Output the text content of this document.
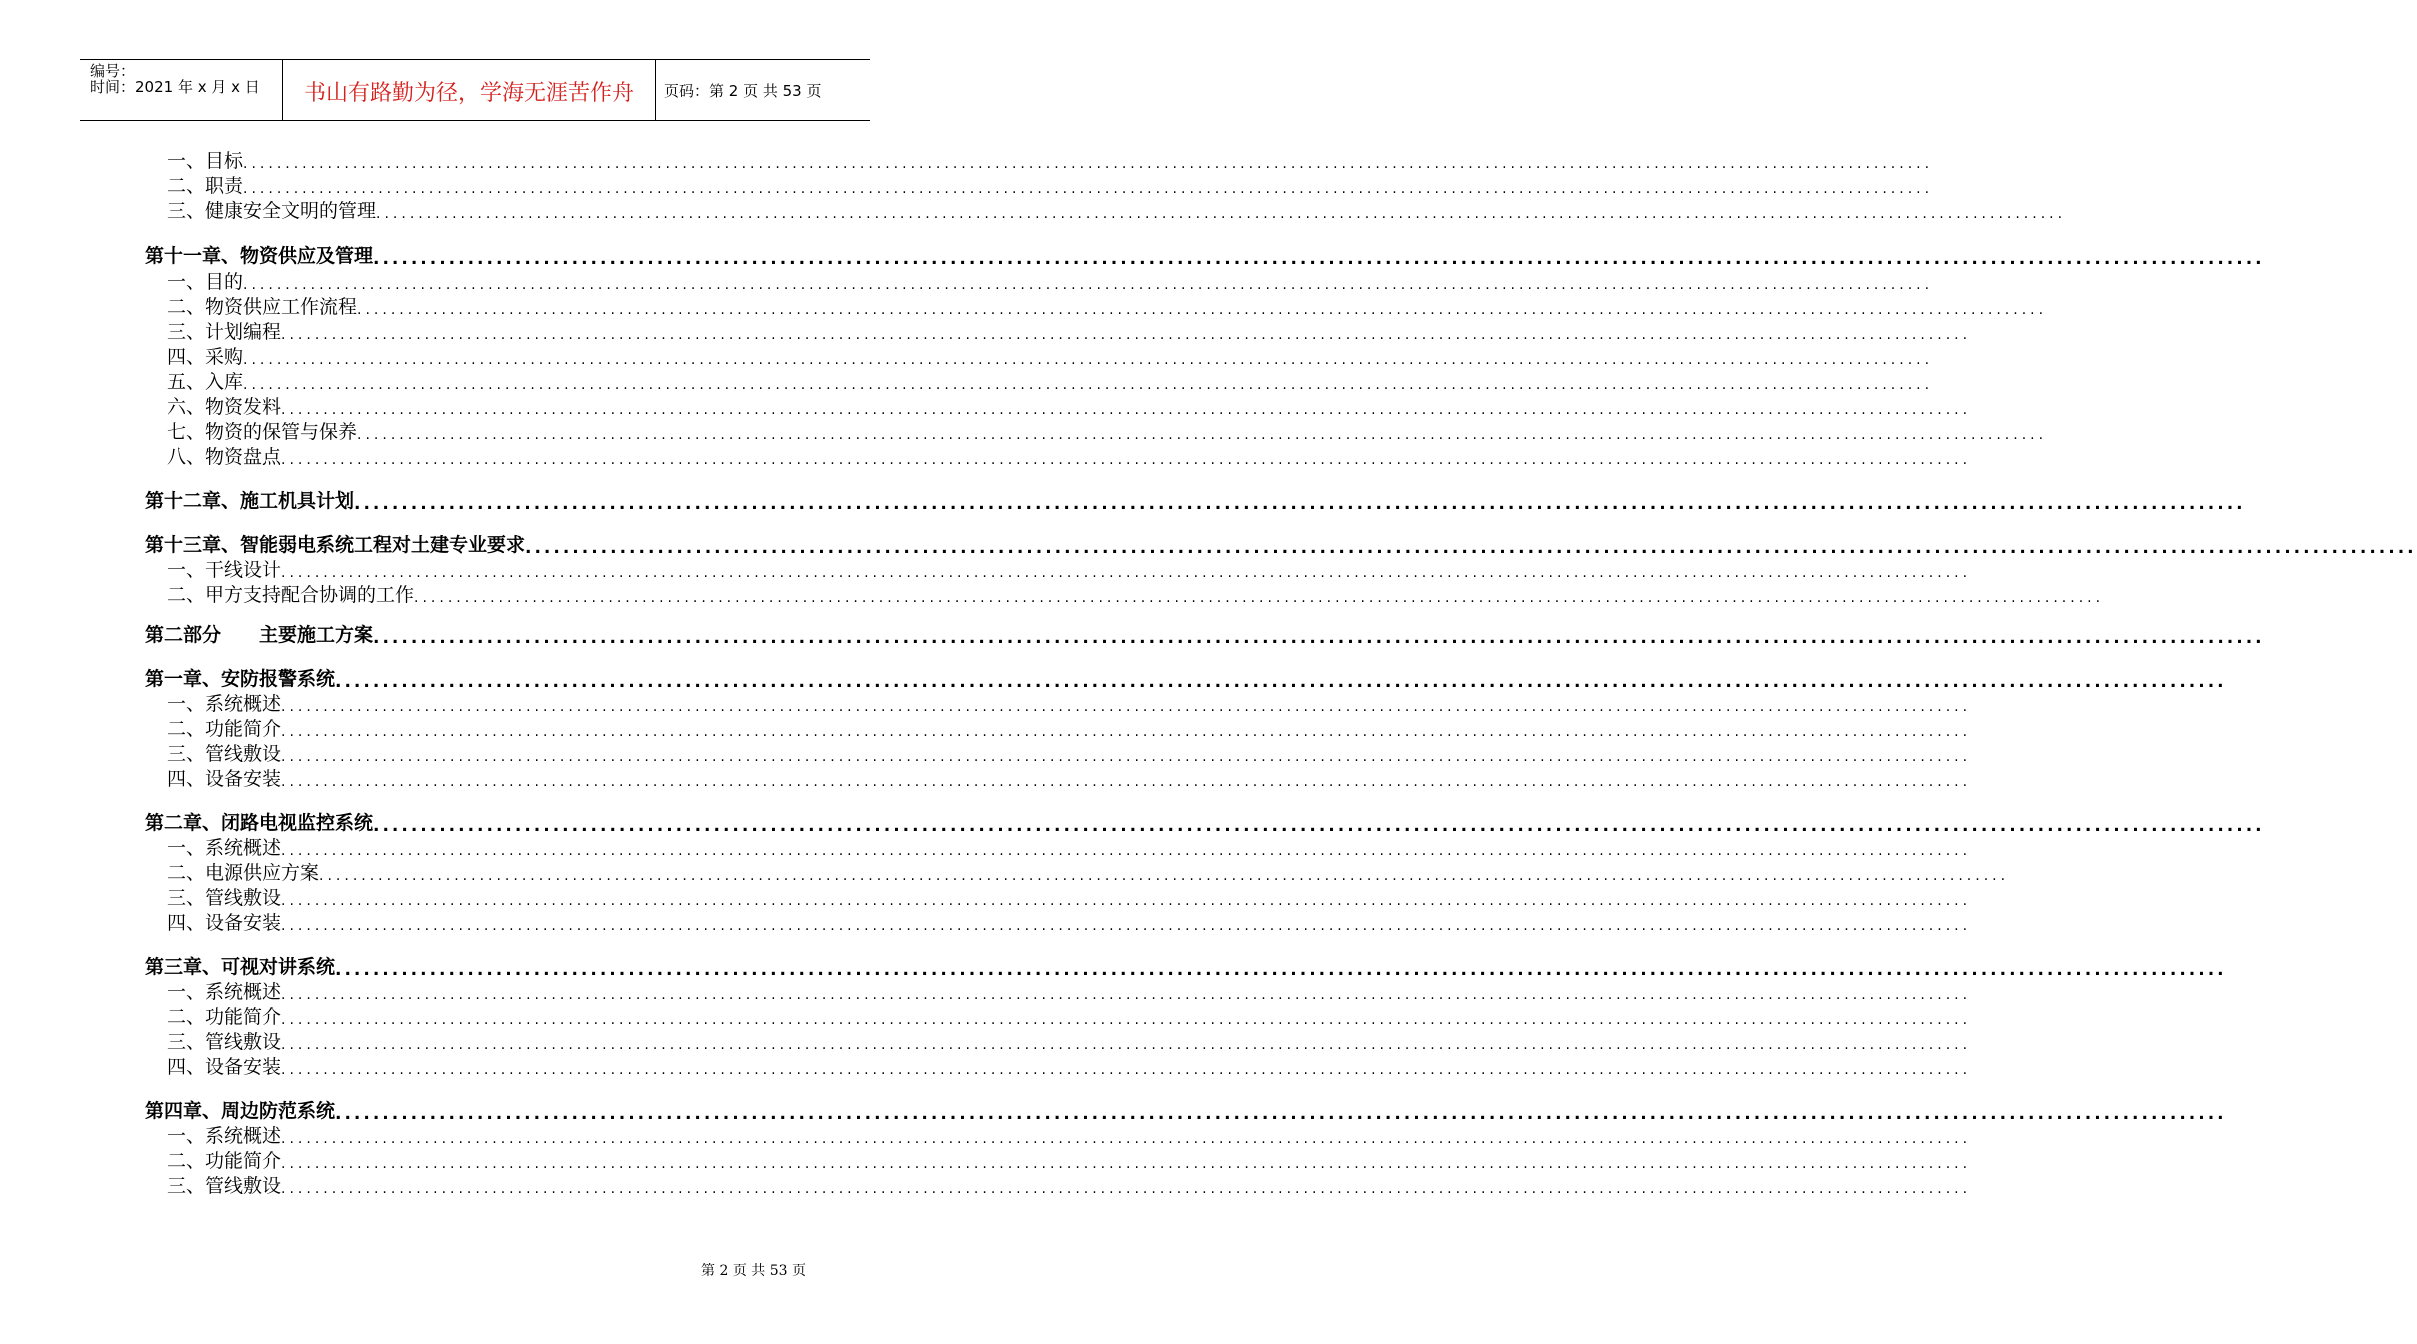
编号：
时间：2021 年 x 月 x 日	书山有路勤为径，学海无涯苦作舟	页码：第 2 页 共 53 页
一、目标 ........................................................................................................................................................................................................
二、职责 ........................................................................................................................................................................................................
三、健康安全文明的管理 ........................................................................................................................................................................................................
第十一章、物资供应及管理 ........................................................................................................................................................................................................
一、目的 ........................................................................................................................................................................................................
二、物资供应工作流程 ........................................................................................................................................................................................................
三、计划编程 ........................................................................................................................................................................................................
四、采购 ........................................................................................................................................................................................................
五、入库 ........................................................................................................................................................................................................
六、物资发料 ........................................................................................................................................................................................................
七、物资的保管与保养 ........................................................................................................................................................................................................
八、物资盘点 ........................................................................................................................................................................................................
第十二章、施工机具计划 ........................................................................................................................................................................................................
第十三章、智能弱电系统工程对土建专业要求 ........................................................................................................................................................................................................
一、干线设计 ........................................................................................................................................................................................................
二、甲方支持配合协调的工作 ........................................................................................................................................................................................................
第二部分　　主要施工方案 ........................................................................................................................................................................................................
第一章、安防报警系统 ........................................................................................................................................................................................................
一、系统概述 ........................................................................................................................................................................................................
二、功能简介 ........................................................................................................................................................................................................
三、管线敷设 ........................................................................................................................................................................................................
四、设备安装 ........................................................................................................................................................................................................
第二章、闭路电视监控系统 ........................................................................................................................................................................................................
一、系统概述 ........................................................................................................................................................................................................
二、电源供应方案 ........................................................................................................................................................................................................
三、管线敷设 ........................................................................................................................................................................................................
四、设备安装 ........................................................................................................................................................................................................
第三章、可视对讲系统 ........................................................................................................................................................................................................
一、系统概述 ........................................................................................................................................................................................................
二、功能简介 ........................................................................................................................................................................................................
三、管线敷设 ........................................................................................................................................................................................................
四、设备安装 ........................................................................................................................................................................................................
第四章、周边防范系统 ........................................................................................................................................................................................................
一、系统概述 ........................................................................................................................................................................................................
二、功能简介 ........................................................................................................................................................................................................
三、管线敷设 ........................................................................................................................................................................................................
第 2 页 共 53 页
